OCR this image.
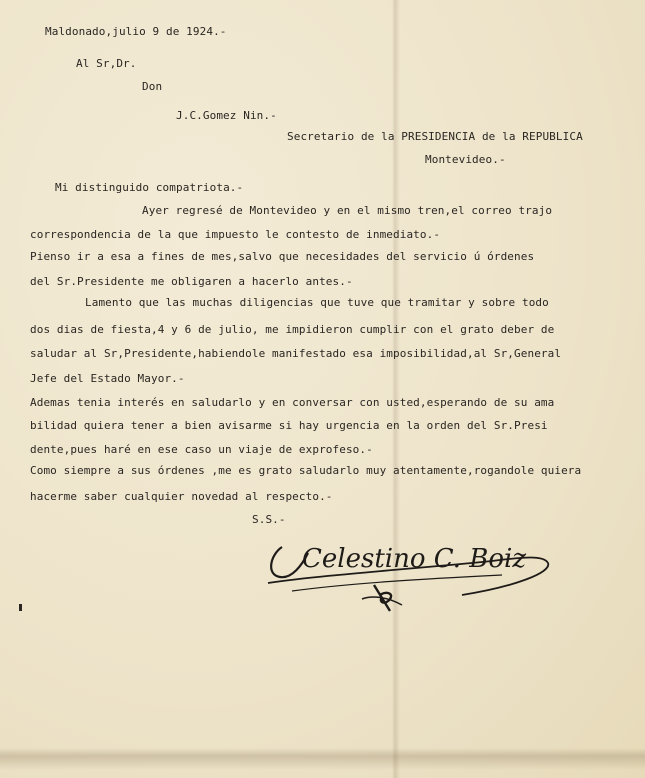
Maldonado,julio 9 de 1924.-

Al Sr,Dr.

Don

J.C.Gomez Nin.-

Secretario de la PRESIDENCIA de la REPUBLICA

Montevideo.-

Mi distinguido compatriota.-

Ayer regresé de Montevideo y en el mismo tren,el correo trajo

correspondencia de la que impuesto le contesto de inmediato.-

Pienso ir a esa a fines de mes,salvo que necesidades del servicio ú órdenes

del Sr.Presidente me obligaren a hacerlo antes.-

Lamento que las muchas diligencias que tuve que tramitar y sobre todo

dos dias de fiesta,4 y 6 de julio, me impidieron cumplir con el grato deber de

saludar al Sr,Presidente,habiendole manifestado esa imposibilidad,al Sr,General

Jefe del Estado Mayor.-

Ademas tenia interés en saludarlo y en conversar con usted,esperando de su ama

bilidad quiera tener a bien avisarme si hay urgencia en la orden del Sr.Presi

dente,pues haré en ese caso un viaje de exprofeso.-

Como siempre a sus órdenes ,me es grato saludarlo muy atentamente,rogandole quiera

hacerme saber cualquier novedad al respecto.-

S.S.-

Celestino C. Boiz
